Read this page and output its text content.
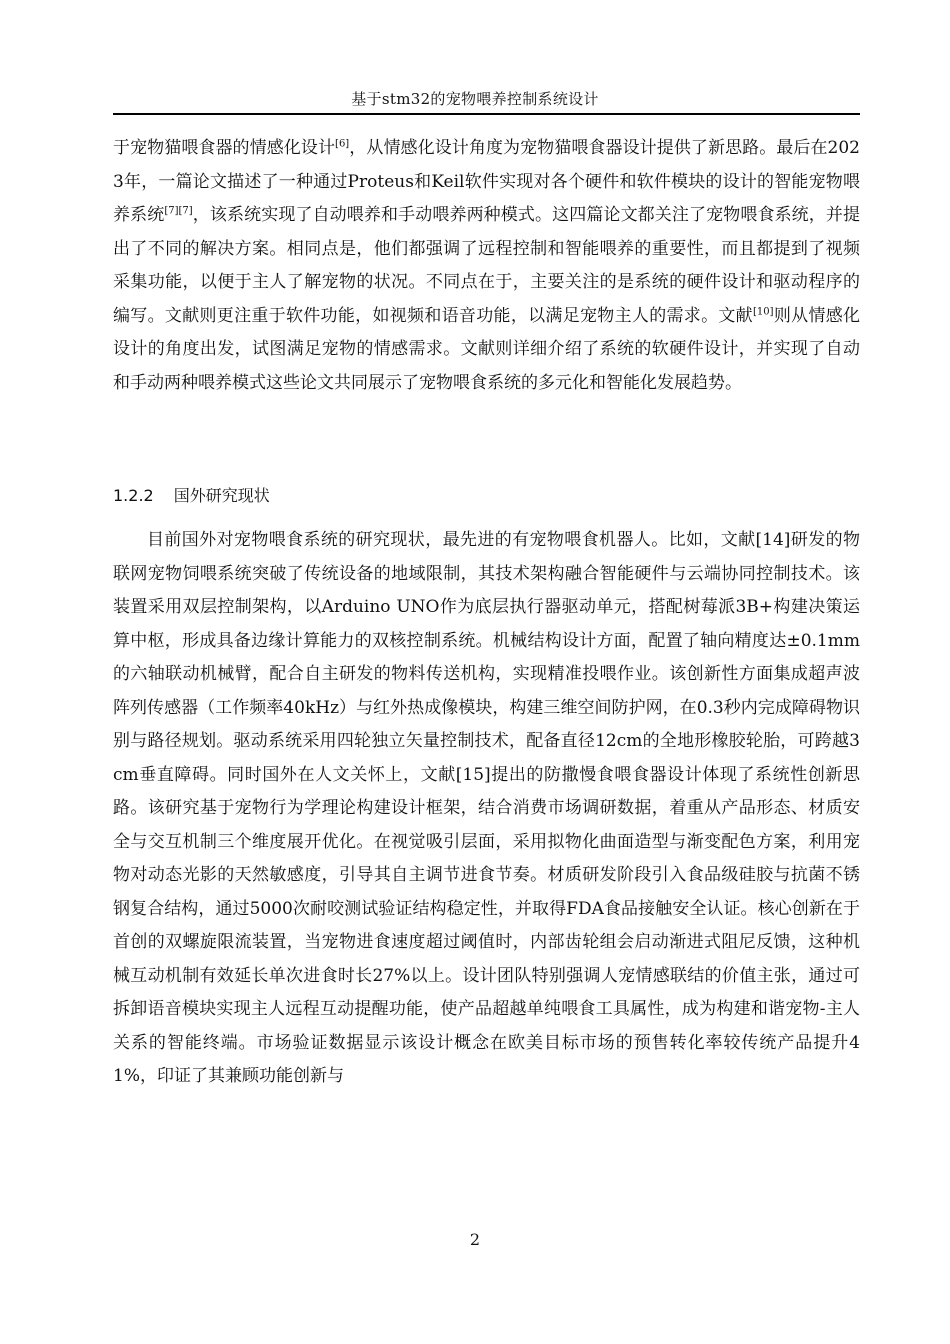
基于stm32的宠物喂养控制系统设计

于宠物猫喂食器的情感化设计[6]，从情感化设计角度为宠物猫喂食器设计提供了新思路。最后在2023年，一篇论文描述了一种通过Proteus和Keil软件实现对各个硬件和软件模块的设计的智能宠物喂养系统[7][7]，该系统实现了自动喂养和手动喂养两种模式。这四篇论文都关注了宠物喂食系统，并提出了不同的解决方案。相同点是，他们都强调了远程控制和智能喂养的重要性，而且都提到了视频采集功能，以便于主人了解宠物的状况。不同点在于，主要关注的是系统的硬件设计和驱动程序的编写。文献则更注重于软件功能，如视频和语音功能，以满足宠物主人的需求。文献[10]则从情感化设计的角度出发，试图满足宠物的情感需求。文献则详细介绍了系统的软硬件设计，并实现了自动和手动两种喂养模式这些论文共同展示了宠物喂食系统的多元化和智能化发展趋势。

1.2.2 国外研究现状

目前国外对宠物喂食系统的研究现状，最先进的有宠物喂食机器人。比如，文献[14]研发的物联网宠物饲喂系统突破了传统设备的地域限制，其技术架构融合智能硬件与云端协同控制技术。该装置采用双层控制架构，以Arduino UNO作为底层执行器驱动单元，搭配树莓派3B+构建决策运算中枢，形成具备边缘计算能力的双核控制系统。机械结构设计方面，配置了轴向精度达±0.1mm的六轴联动机械臂，配合自主研发的物料传送机构，实现精准投喂作业。该创新性方面集成超声波阵列传感器（工作频率40kHz）与红外热成像模块，构建三维空间防护网，在0.3秒内完成障碍物识别与路径规划。驱动系统采用四轮独立矢量控制技术，配备直径12cm的全地形橡胶轮胎，可跨越3cm垂直障碍。同时国外在人文关怀上，文献[15]提出的防撒慢食喂食器设计体现了系统性创新思路。该研究基于宠物行为学理论构建设计框架，结合消费市场调研数据，着重从产品形态、材质安全与交互机制三个维度展开优化。在视觉吸引层面，采用拟物化曲面造型与渐变配色方案，利用宠物对动态光影的天然敏感度，引导其自主调节进食节奏。材质研发阶段引入食品级硅胶与抗菌不锈钢复合结构，通过5000次耐咬测试验证结构稳定性，并取得FDA食品接触安全认证。核心创新在于首创的双螺旋限流装置，当宠物进食速度超过阈值时，内部齿轮组会启动渐进式阻尼反馈，这种机械互动机制有效延长单次进食时长27%以上。设计团队特别强调人宠情感联结的价值主张，通过可拆卸语音模块实现主人远程互动提醒功能，使产品超越单纯喂食工具属性，成为构建和谐宠物-主人关系的智能终端。市场验证数据显示该设计概念在欧美目标市场的预售转化率较传统产品提升41%，印证了其兼顾功能创新与

2
